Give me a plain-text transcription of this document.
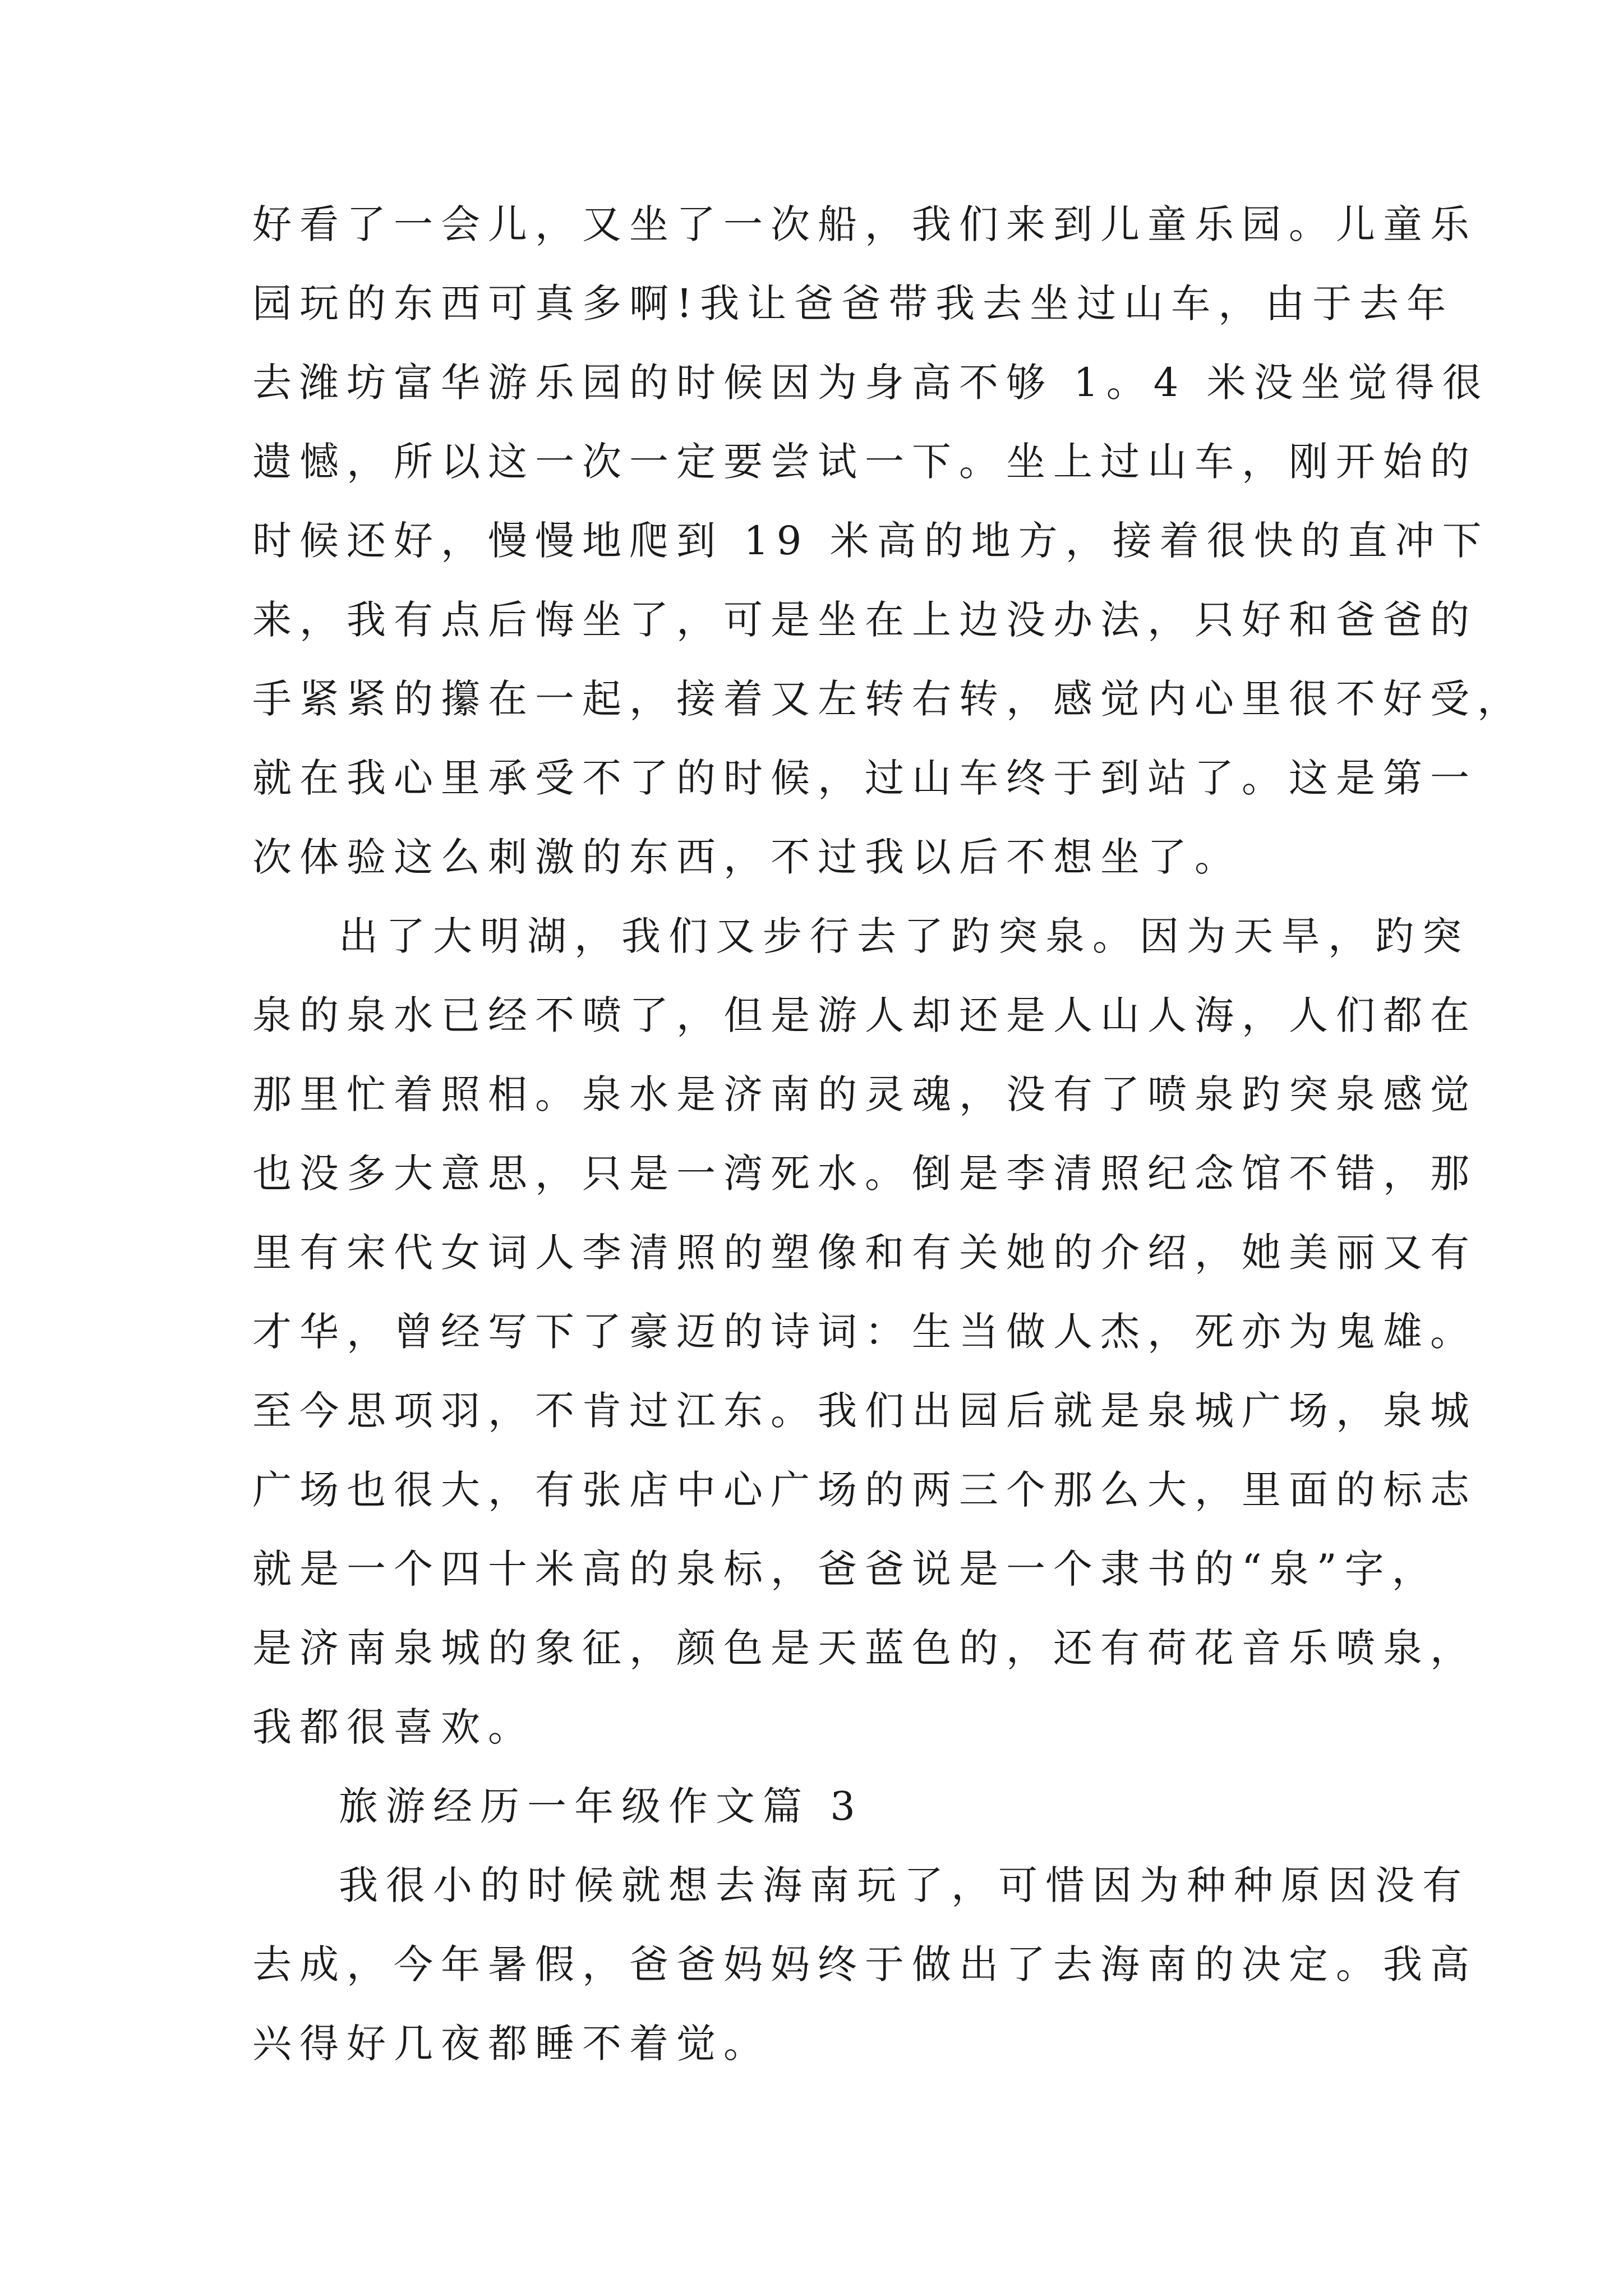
好看了一会儿，又坐了一次船，我们来到儿童乐园。儿童乐
园玩的东西可真多啊!我让爸爸带我去坐过山车，由于去年
去潍坊富华游乐园的时候因为身高不够 1。4 米没坐觉得很
遗憾，所以这一次一定要尝试一下。坐上过山车，刚开始的
时候还好，慢慢地爬到 19 米高的地方，接着很快的直冲下
来，我有点后悔坐了，可是坐在上边没办法，只好和爸爸的
手紧紧的攥在一起，接着又左转右转，感觉内心里很不好受，
就在我心里承受不了的时候，过山车终于到站了。这是第一
次体验这么刺激的东西，不过我以后不想坐了。
出了大明湖，我们又步行去了趵突泉。因为天旱，趵突
泉的泉水已经不喷了，但是游人却还是人山人海，人们都在
那里忙着照相。泉水是济南的灵魂，没有了喷泉趵突泉感觉
也没多大意思，只是一湾死水。倒是李清照纪念馆不错，那
里有宋代女词人李清照的塑像和有关她的介绍，她美丽又有
才华，曾经写下了豪迈的诗词：生当做人杰，死亦为鬼雄。
至今思项羽，不肯过江东。我们出园后就是泉城广场，泉城
广场也很大，有张店中心广场的两三个那么大，里面的标志
就是一个四十米高的泉标，爸爸说是一个隶书的“泉”字，
是济南泉城的象征，颜色是天蓝色的，还有荷花音乐喷泉，
我都很喜欢。
旅游经历一年级作文篇 3
我很小的时候就想去海南玩了，可惜因为种种原因没有
去成，今年暑假，爸爸妈妈终于做出了去海南的决定。我高
兴得好几夜都睡不着觉。
